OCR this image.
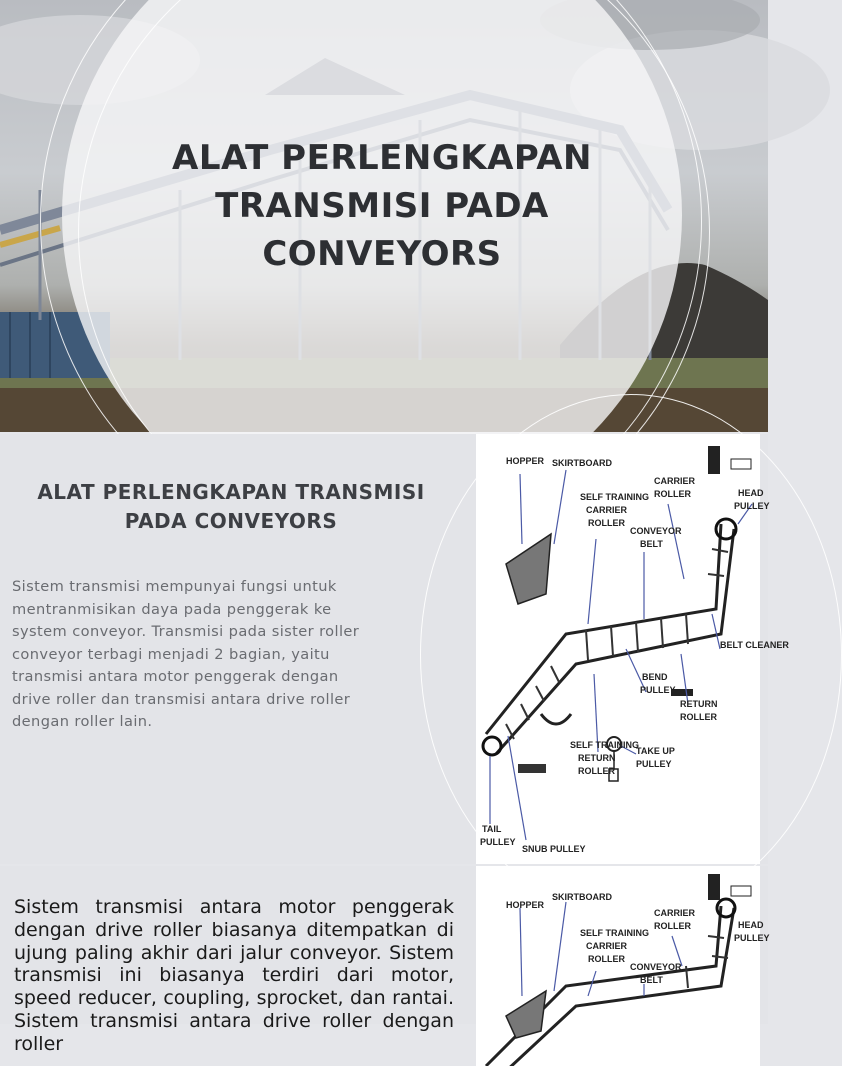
ALAT PERLENGKAPAN
TRANSMISI PADA
CONVEYORS
ALAT PERLENGKAPAN TRANSMISI
PADA CONVEYORS
Sistem transmisi mempunyai fungsi untuk
mentranmisikan daya pada penggerak ke
system conveyor. Transmisi pada sister roller
conveyor terbagi menjadi 2 bagian, yaitu
transmisi antara motor penggerak dengan
drive roller dan transmisi antara drive roller
dengan roller lain.
HOPPER SKIRTBOARD
CARRIER ROLLER	HEAD PULLEY
SELF TRAINING CARRIER ROLLER
CONVEYOR BELT
BELT CLEANER
BEND PULLEY
RETURN ROLLER
SELF TRAINING RETURN ROLLER
TAKE UP PULLEY
TAIL PULLEY
SNUB PULLEY
Sistem transmisi antara motor penggerak dengan drive roller biasanya ditempatkan di ujung paling akhir dari jalur conveyor. Sistem transmisi ini biasanya terdiri dari motor, speed reducer, coupling, sprocket, dan rantai. Sistem transmisi antara drive roller dengan roller
HOPPER
SKIRTBOARD
CARRIER ROLLER	HEAD PULLEY
SELF TRAINING CARRIER ROLLER
CONVEYOR BELT
